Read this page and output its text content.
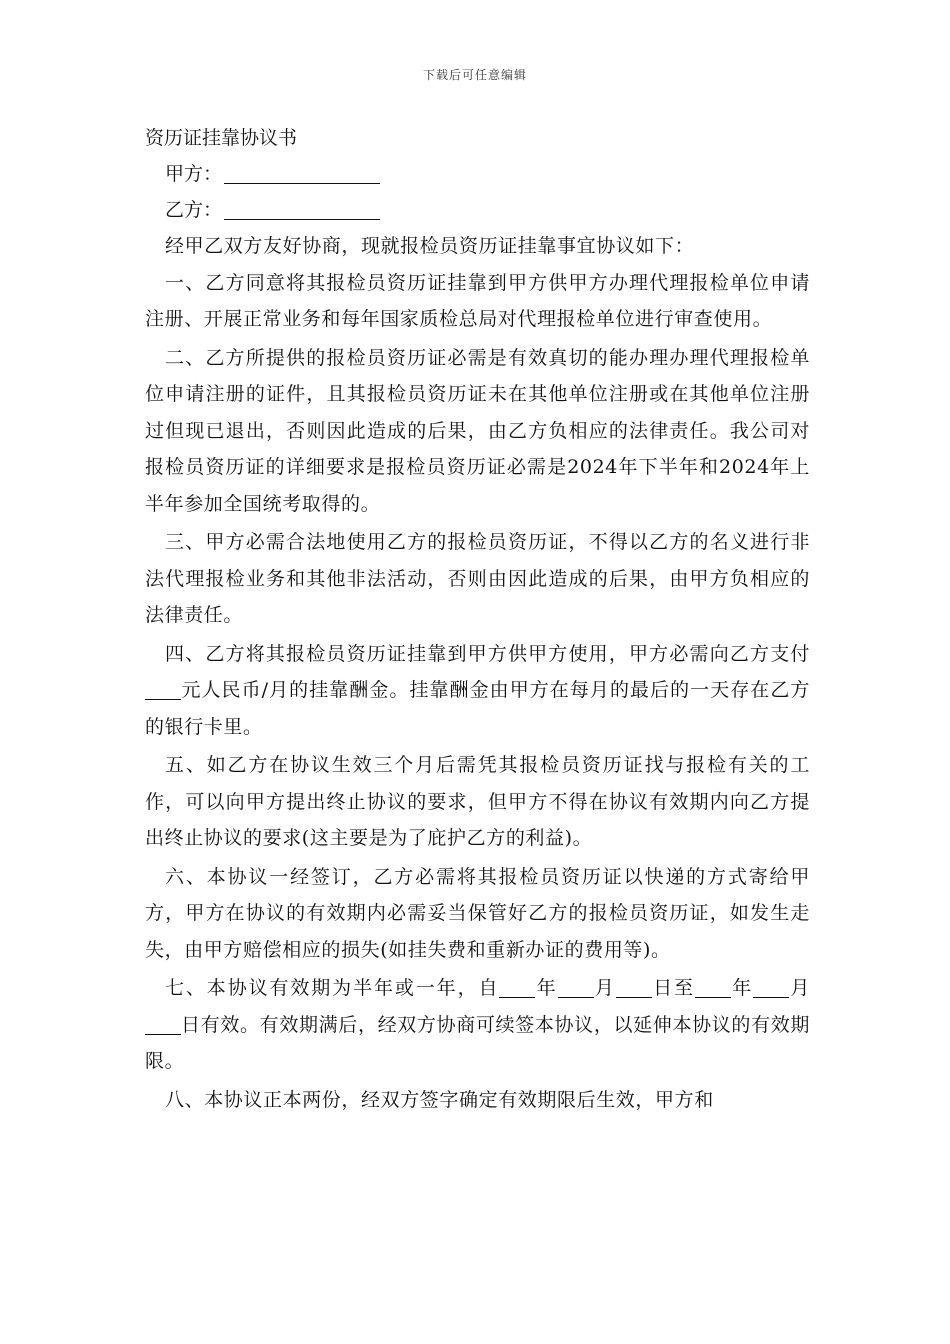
下载后可任意编辑
资历证挂靠协议书

甲方：

乙方：

经甲乙双方友好协商，现就报检员资历证挂靠事宜协议如下：

一、乙方同意将其报检员资历证挂靠到甲方供甲方办理代理报检单位申请注册、开展正常业务和每年国家质检总局对代理报检单位进行审查使用。

二、乙方所提供的报检员资历证必需是有效真切的能办理办理代理报检单位申请注册的证件，且其报检员资历证未在其他单位注册或在其他单位注册过但现已退出，否则因此造成的后果，由乙方负相应的法律责任。我公司对报检员资历证的详细要求是报检员资历证必需是2024年下半年和2024年上半年参加全国统考取得的。

三、甲方必需合法地使用乙方的报检员资历证，不得以乙方的名义进行非法代理报检业务和其他非法活动，否则由因此造成的后果，由甲方负相应的法律责任。

四、乙方将其报检员资历证挂靠到甲方供甲方使用，甲方必需向乙方支付元人民币/月的挂靠酬金。挂靠酬金由甲方在每月的最后的一天存在乙方的银行卡里。

五、如乙方在协议生效三个月后需凭其报检员资历证找与报检有关的工作，可以向甲方提出终止协议的要求，但甲方不得在协议有效期内向乙方提出终止协议的要求(这主要是为了庇护乙方的利益)。

六、本协议一经签订，乙方必需将其报检员资历证以快递的方式寄给甲方，甲方在协议的有效期内必需妥当保管好乙方的报检员资历证，如发生走失，由甲方赔偿相应的损失(如挂失费和重新办证的费用等)。

七、本协议有效期为半年或一年，自 年 月 日至 年 月日有效。有效期满后，经双方协商可续签本协议，以延伸本协议的有效期限。

八、本协议正本两份，经双方签字确定有效期限后生效，甲方和
